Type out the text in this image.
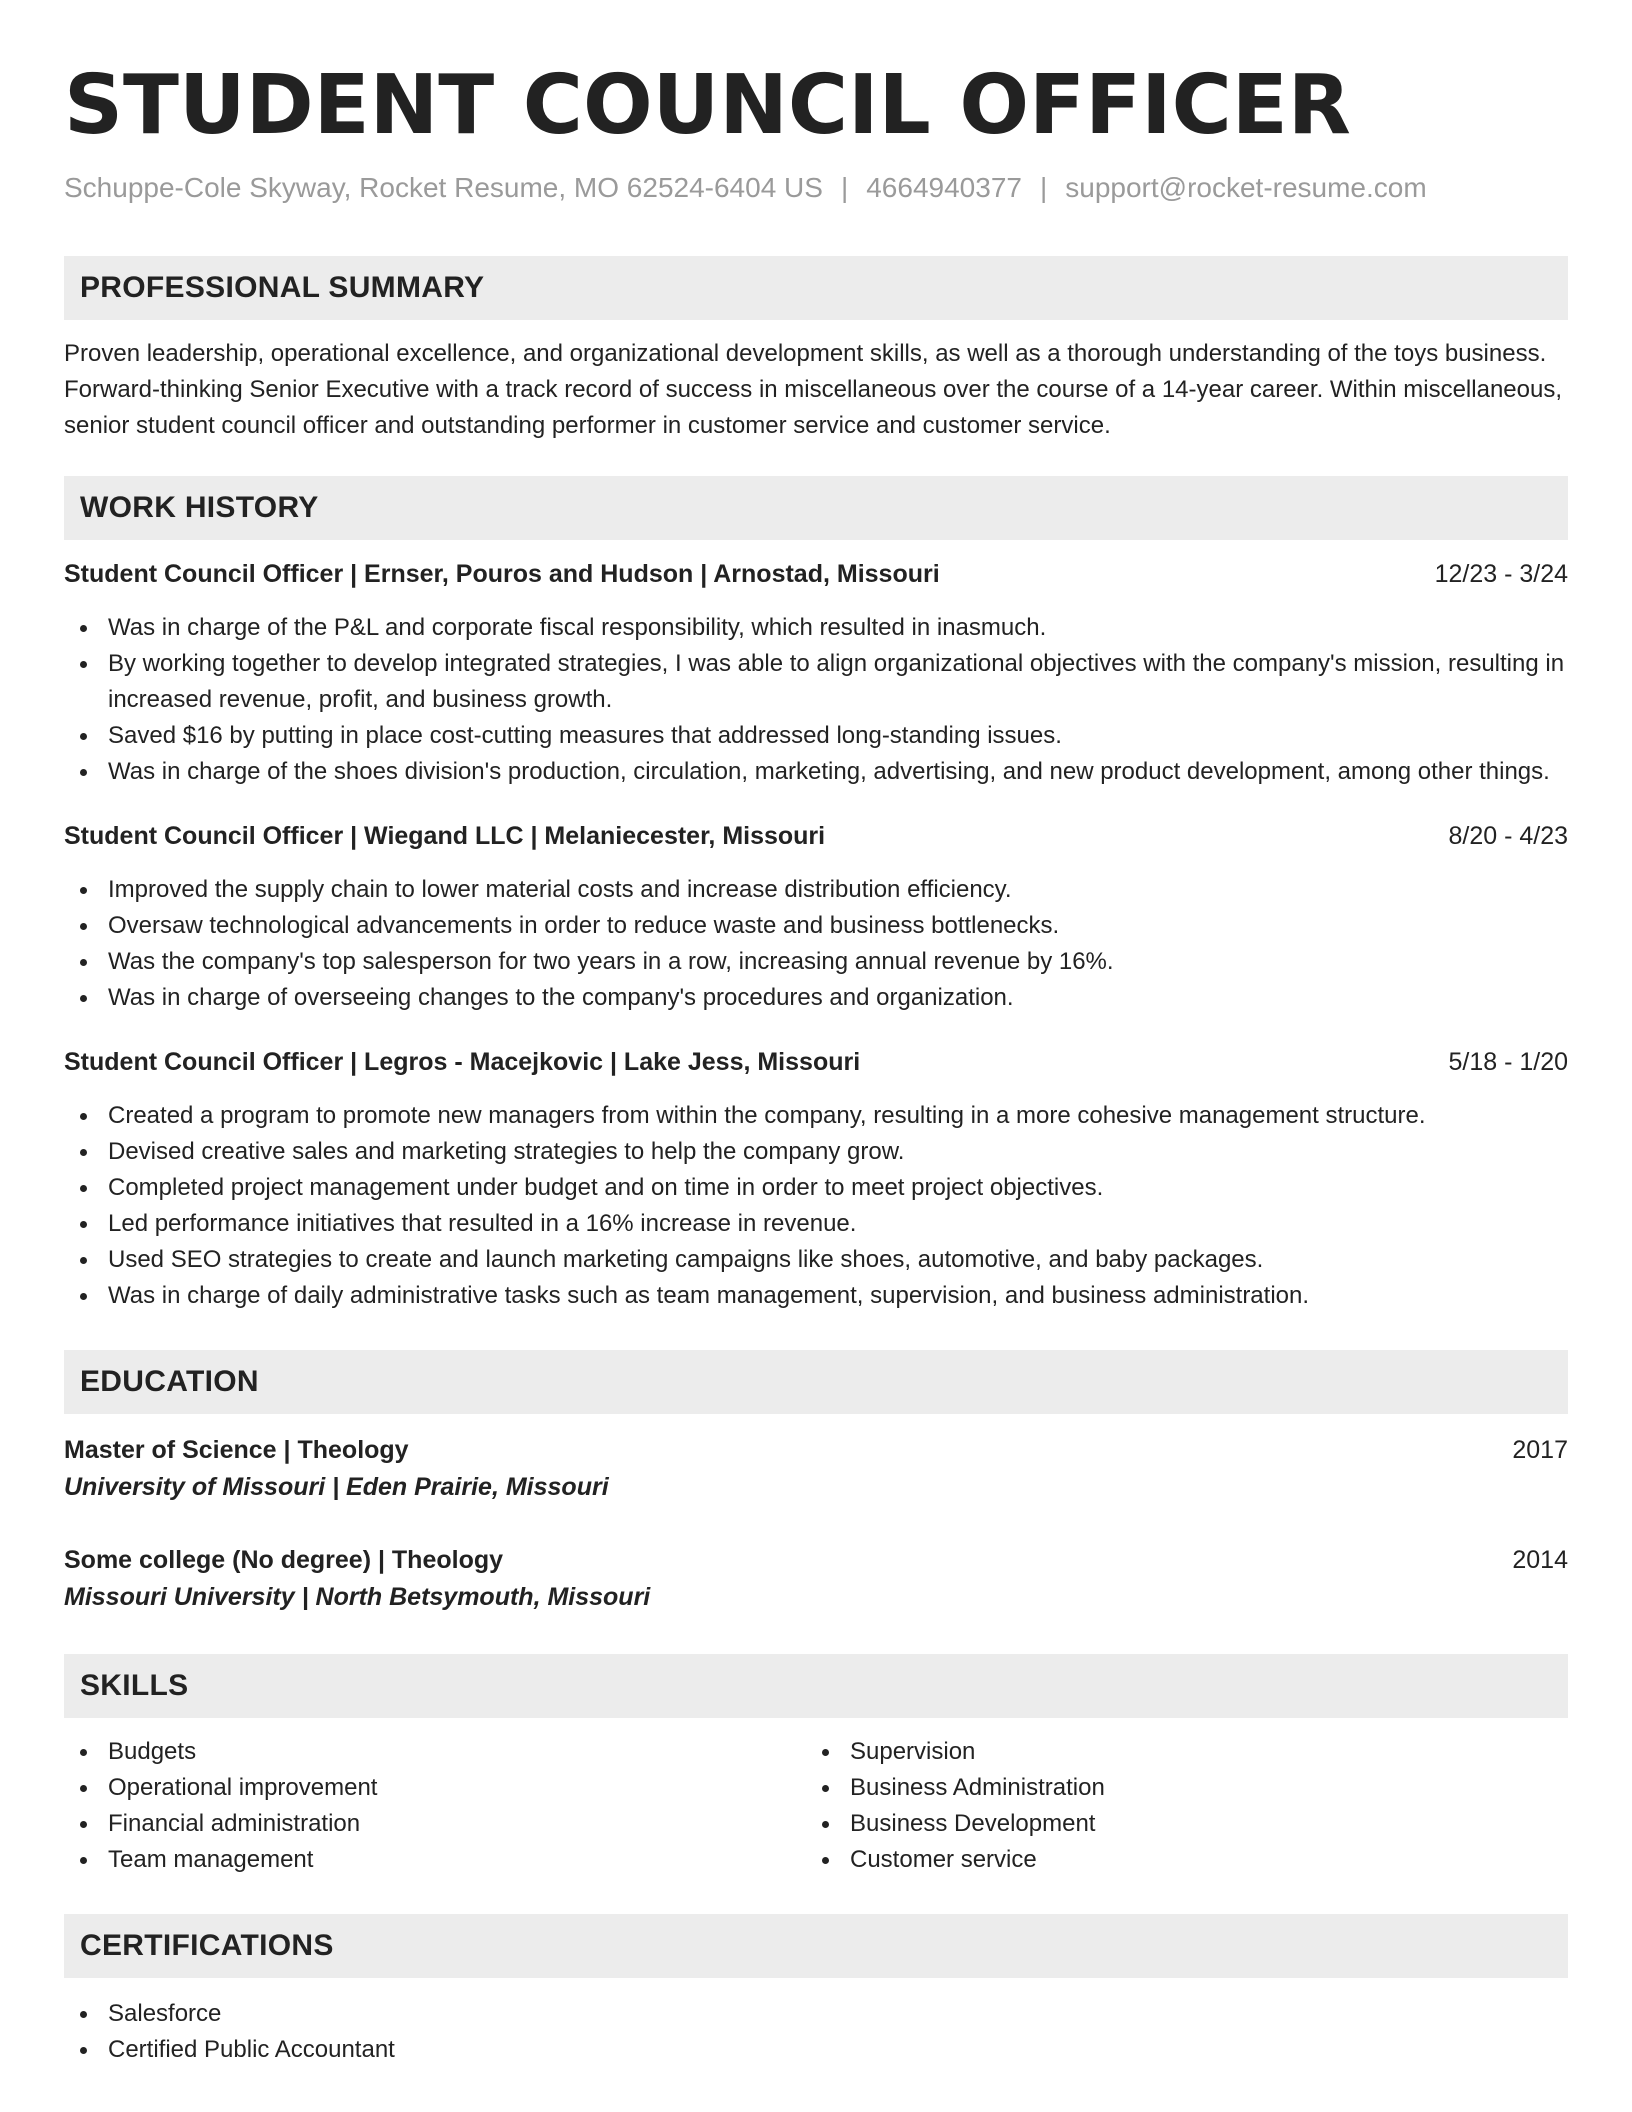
STUDENT COUNCIL OFFICER
Schuppe-Cole Skyway, Rocket Resume, MO 62524-6404 US | 4664940377 | support@rocket-resume.com
PROFESSIONAL SUMMARY

Proven leadership, operational excellence, and organizational development skills, as well as a thorough understanding of the toys business. Forward-thinking Senior Executive with a track record of success in miscellaneous over the course of a 14-year career. Within miscellaneous, senior student council officer and outstanding performer in customer service and customer service.

WORK HISTORY
Student Council Officer | Ernser, Pouros and Hudson | Arnostad, Missouri	12/23 - 3/24
Was in charge of the P&L and corporate fiscal responsibility, which resulted in inasmuch.
By working together to develop integrated strategies, I was able to align organizational objectives with the company's mission, resulting in increased revenue, profit, and business growth.
Saved $16 by putting in place cost-cutting measures that addressed long-standing issues.
Was in charge of the shoes division's production, circulation, marketing, advertising, and new product development, among other things.
Student Council Officer | Wiegand LLC | Melaniecester, Missouri	8/20 - 4/23
Improved the supply chain to lower material costs and increase distribution efficiency.
Oversaw technological advancements in order to reduce waste and business bottlenecks.
Was the company's top salesperson for two years in a row, increasing annual revenue by 16%.
Was in charge of overseeing changes to the company's procedures and organization.
Student Council Officer | Legros - Macejkovic | Lake Jess, Missouri	5/18 - 1/20
Created a program to promote new managers from within the company, resulting in a more cohesive management structure.
Devised creative sales and marketing strategies to help the company grow.
Completed project management under budget and on time in order to meet project objectives.
Led performance initiatives that resulted in a 16% increase in revenue.
Used SEO strategies to create and launch marketing campaigns like shoes, automotive, and baby packages.
Was in charge of daily administrative tasks such as team management, supervision, and business administration.
EDUCATION
Master of Science | Theology	2017
University of Missouri | Eden Prairie, Missouri
Some college (No degree) | Theology	2014
Missouri University | North Betsymouth, Missouri
SKILLS
Budgets
Operational improvement
Financial administration
Team management
Supervision
Business Administration
Business Development
Customer service
CERTIFICATIONS
Salesforce
Certified Public Accountant
